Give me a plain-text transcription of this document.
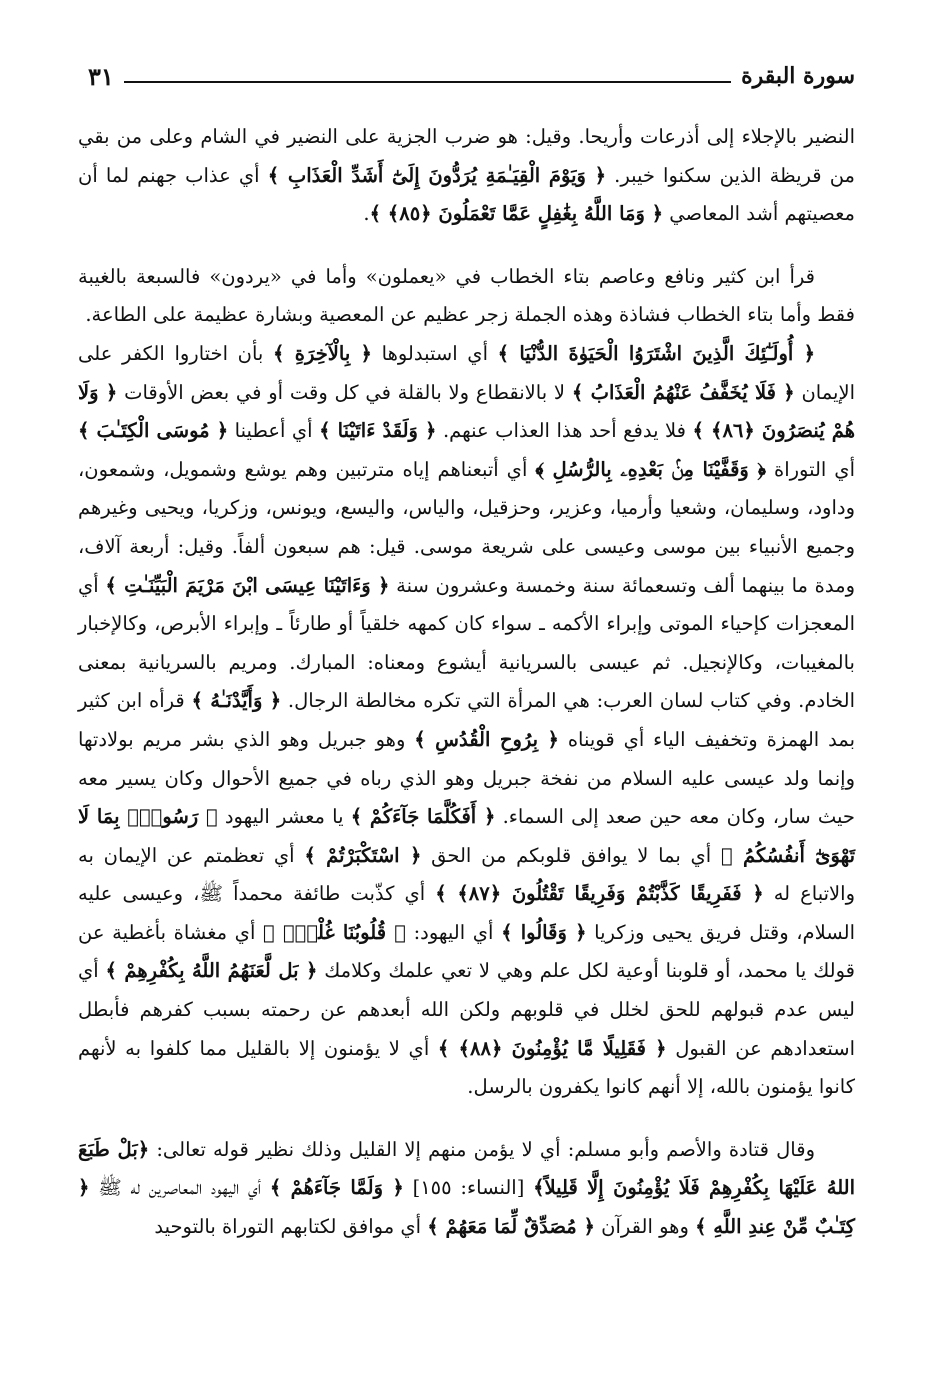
سورة البقرة
٣١

النضير بالإجلاء إلى أذرعات وأريحا. وقيل: هو ضرب الجزية على النضير في الشام وعلى من بقي من قريظة الذين سكنوا خيبر. ﴿ وَيَوْمَ الْقِيَـٰمَةِ يُرَدُّونَ إِلَىٰٓ أَشَدِّ الْعَذَابِ ﴾ أي عذاب جهنم لما أن معصيتهم أشد المعاصي ﴿ وَمَا اللَّهُ بِغَٰفِلٍ عَمَّا تَعْمَلُونَ ﴿٨٥﴾ ﴾.

قرأ ابن كثير ونافع وعاصم بتاء الخطاب في «يعملون» وأما في «يردون» فالسبعة بالغيبة فقط وأما بتاء الخطاب فشاذة وهذه الجملة زجر عظيم عن المعصية وبشارة عظيمة على الطاعة.

﴿ أُولَـٰٓئِكَ الَّذِينَ اشْتَرَوُا الْحَيَوٰةَ الدُّنْيَا ﴾ أي استبدلوها ﴿ بِالْآخِرَةِ ﴾ بأن اختاروا الكفر على الإيمان ﴿ فَلَا يُخَفَّفُ عَنْهُمُ الْعَذَابُ ﴾ لا بالانقطاع ولا بالقلة في كل وقت أو في بعض الأوقات ﴿ وَلَا هُمْ يُنصَرُونَ ﴿٨٦﴾ ﴾ فلا يدفع أحد هذا العذاب عنهم. ﴿ وَلَقَدْ ءَاتَيْنَا ﴾ أي أعطينا ﴿ مُوسَى الْكِتَـٰبَ ﴾ أي التوراة ﴿ وَقَفَّيْنَا مِنۢ بَعْدِهِۦ بِالرُّسُلِ ﴾ أي أتبعناهم إياه مترتبين وهم يوشع وشمويل، وشمعون، وداود، وسليمان، وشعيا وأرميا، وعزير، وحزقيل، والياس، واليسع، ويونس، وزكريا، ويحيى وغيرهم وجميع الأنبياء بين موسى وعيسى على شريعة موسى. قيل: هم سبعون ألفاً. وقيل: أربعة آلاف، ومدة ما بينهما ألف وتسعمائة سنة وخمسة وعشرون سنة ﴿ وَءَاتَيْنَا عِيسَى ابْنَ مَرْيَمَ الْبَيِّنَـٰتِ ﴾ أي المعجزات كإحياء الموتى وإبراء الأكمه ـ سواء كان كمهه خلقياً أو طارئاً ـ وإبراء الأبرص، وكالإخبار بالمغيبات، وكالإنجيل. ثم عيسى بالسريانية أيشوع ومعناه: المبارك. ومريم بالسريانية بمعنى الخادم. وفي كتاب لسان العرب: هي المرأة التي تكره مخالطة الرجال. ﴿ وَأَيَّدْنَـٰهُ ﴾ قرأه ابن كثير بمد الهمزة وتخفيف الياء أي قويناه ﴿ بِرُوحِ الْقُدُسِ ﴾ وهو جبريل وهو الذي بشر مريم بولادتها وإنما ولد عيسى عليه السلام من نفخة جبريل وهو الذي رباه في جميع الأحوال وكان يسير معه حيث سار، وكان معه حين صعد إلى السماء. ﴿ أَفَكُلَّمَا جَآءَكُمْ ﴾ يا معشر اليهود ﴿ رَسُولٌۢ بِمَا لَا تَهْوَىٰٓ أَنفُسُكُمُ ﴾ أي بما لا يوافق قلوبكم من الحق ﴿ اسْتَكْبَرْتُمْ ﴾ أي تعظمتم عن الإيمان به والاتباع له ﴿ فَفَرِيقًا كَذَّبْتُمْ وَفَرِيقًا تَقْتُلُونَ ﴿٨٧﴾ ﴾ أي كذّبت طائفة محمداً ﷺ، وعيسى عليه السلام، وقتل فريق يحيى وزكريا ﴿ وَقَالُوا ﴾ أي اليهود: ﴿ قُلُوبُنَا غُلْفٌۢ ﴾ أي مغشاة بأغطية عن قولك يا محمد، أو قلوبنا أوعية لكل علم وهي لا تعي علمك وكلامك ﴿ بَل لَّعَنَهُمُ اللَّهُ بِكُفْرِهِمْ ﴾ أي ليس عدم قبولهم للحق لخلل في قلوبهم ولكن الله أبعدهم عن رحمته بسبب كفرهم فأبطل استعدادهم عن القبول ﴿ فَقَلِيلًا مَّا يُؤْمِنُونَ ﴿٨٨﴾ ﴾ أي لا يؤمنون إلا بالقليل مما كلفوا به لأنهم كانوا يؤمنون بالله، إلا أنهم كانوا يكفرون بالرسل.

وقال قتادة والأصم وأبو مسلم: أي لا يؤمن منهم إلا القليل وذلك نظير قوله تعالى: ﴿بَلْ طَبَعَ اللهُ عَلَيْهَا بِكُفْرِهِمْ فَلَا يُؤْمِنُونَ إِلَّا قَلِيلاً﴾ [النساء: ١٥٥] ﴿ وَلَمَّا جَآءَهُمْ ﴾ أي اليهود المعاصرين له ﷺ ﴿ كِتَـٰبٌ مِّنْ عِندِ اللَّهِ ﴾ وهو القرآن ﴿ مُصَدِّقٌ لِّمَا مَعَهُمْ ﴾ أي موافق لكتابهم التوراة بالتوحيد
